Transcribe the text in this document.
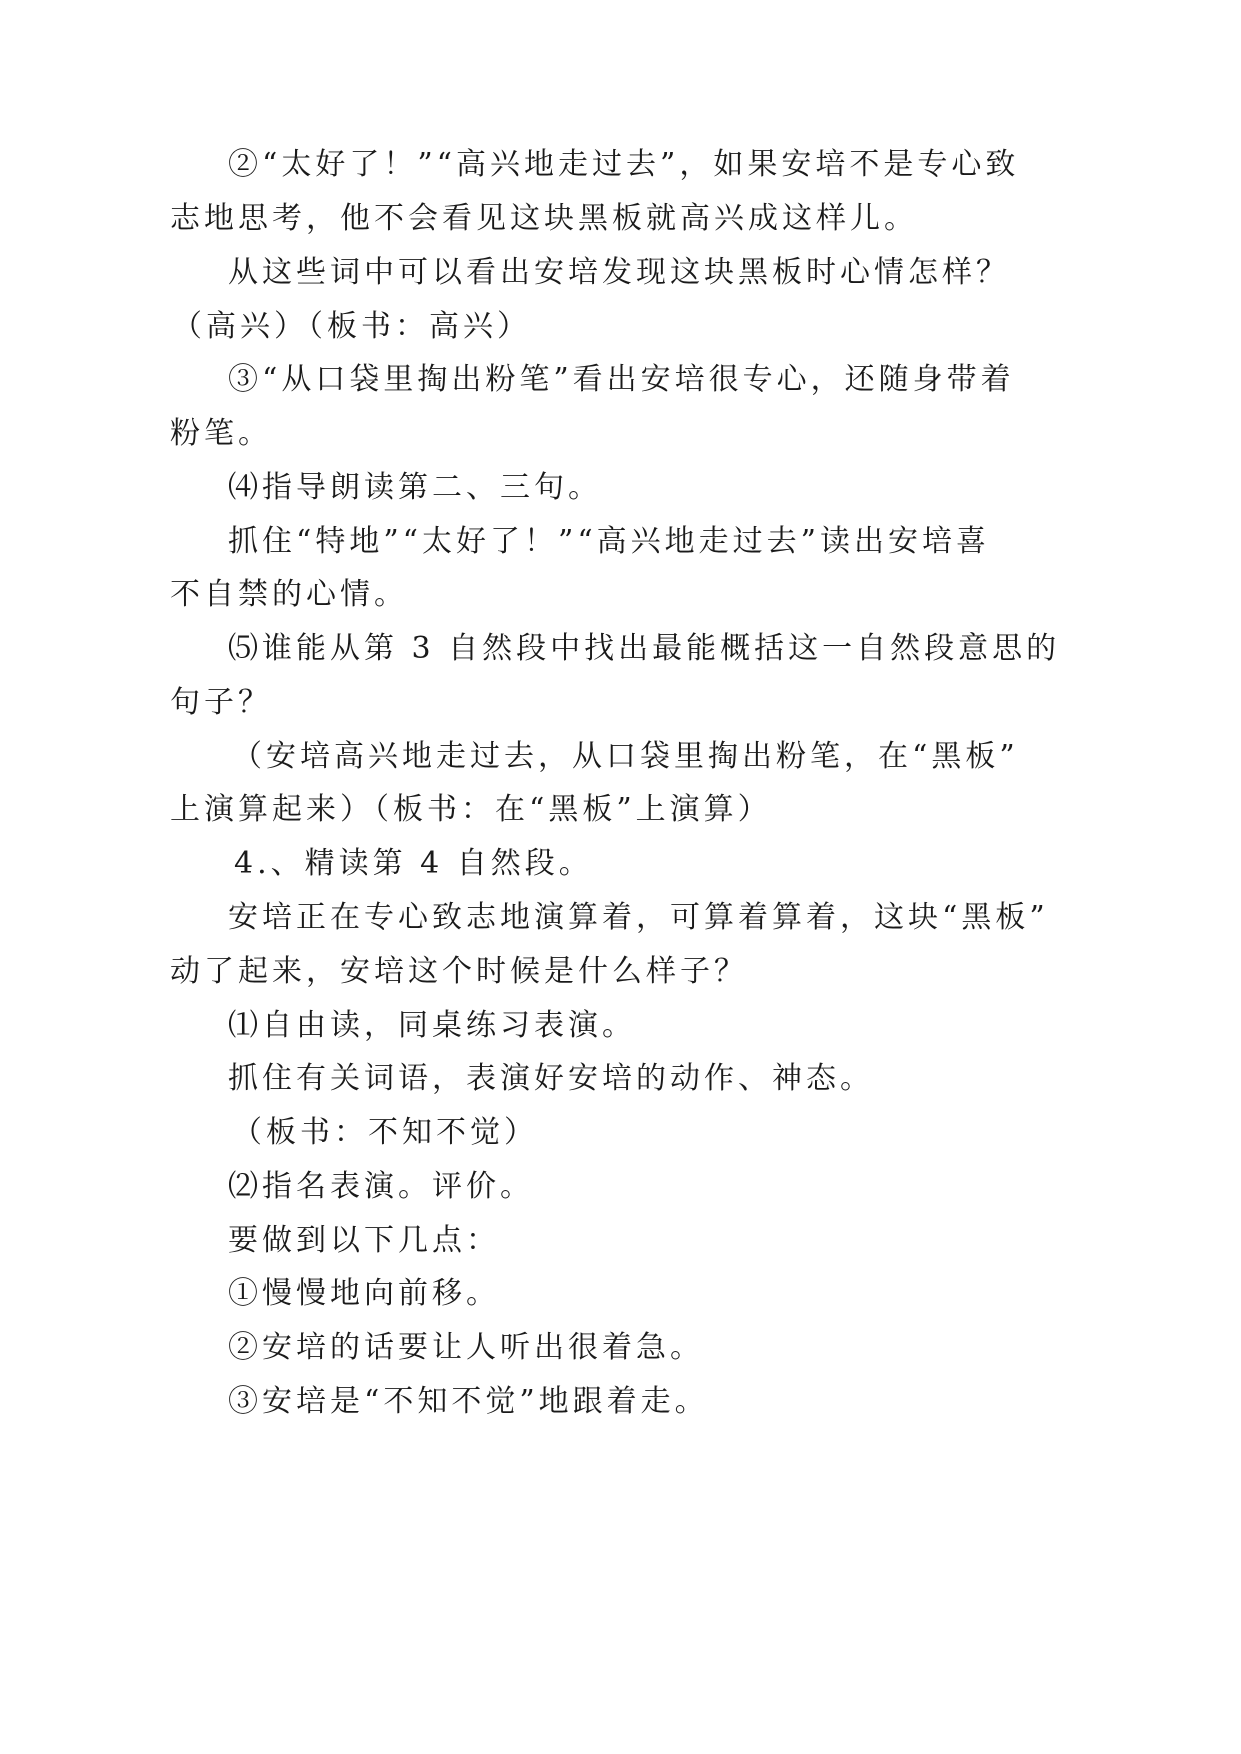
②“太好了！”“高兴地走过去”，如果安培不是专心致
志地思考，他不会看见这块黑板就高兴成这样儿。
从这些词中可以看出安培发现这块黑板时心情怎样？
（高兴）（板书：高兴）
③“从口袋里掏出粉笔”看出安培很专心，还随身带着
粉笔。
⑷指导朗读第二、三句。
抓住“特地”“太好了！”“高兴地走过去”读出安培喜
不自禁的心情。
⑸谁能从第 3 自然段中找出最能概括这一自然段意思的
句子？
（安培高兴地走过去，从口袋里掏出粉笔，在“黑板”
上演算起来）（板书：在“黑板”上演算）
4.、精读第 4 自然段。
安培正在专心致志地演算着，可算着算着，这块“黑板”
动了起来，安培这个时候是什么样子？
⑴自由读，同桌练习表演。
抓住有关词语，表演好安培的动作、神态。
（板书：不知不觉）
⑵指名表演。评价。
要做到以下几点：
①慢慢地向前移。
②安培的话要让人听出很着急。
③安培是“不知不觉”地跟着走。
